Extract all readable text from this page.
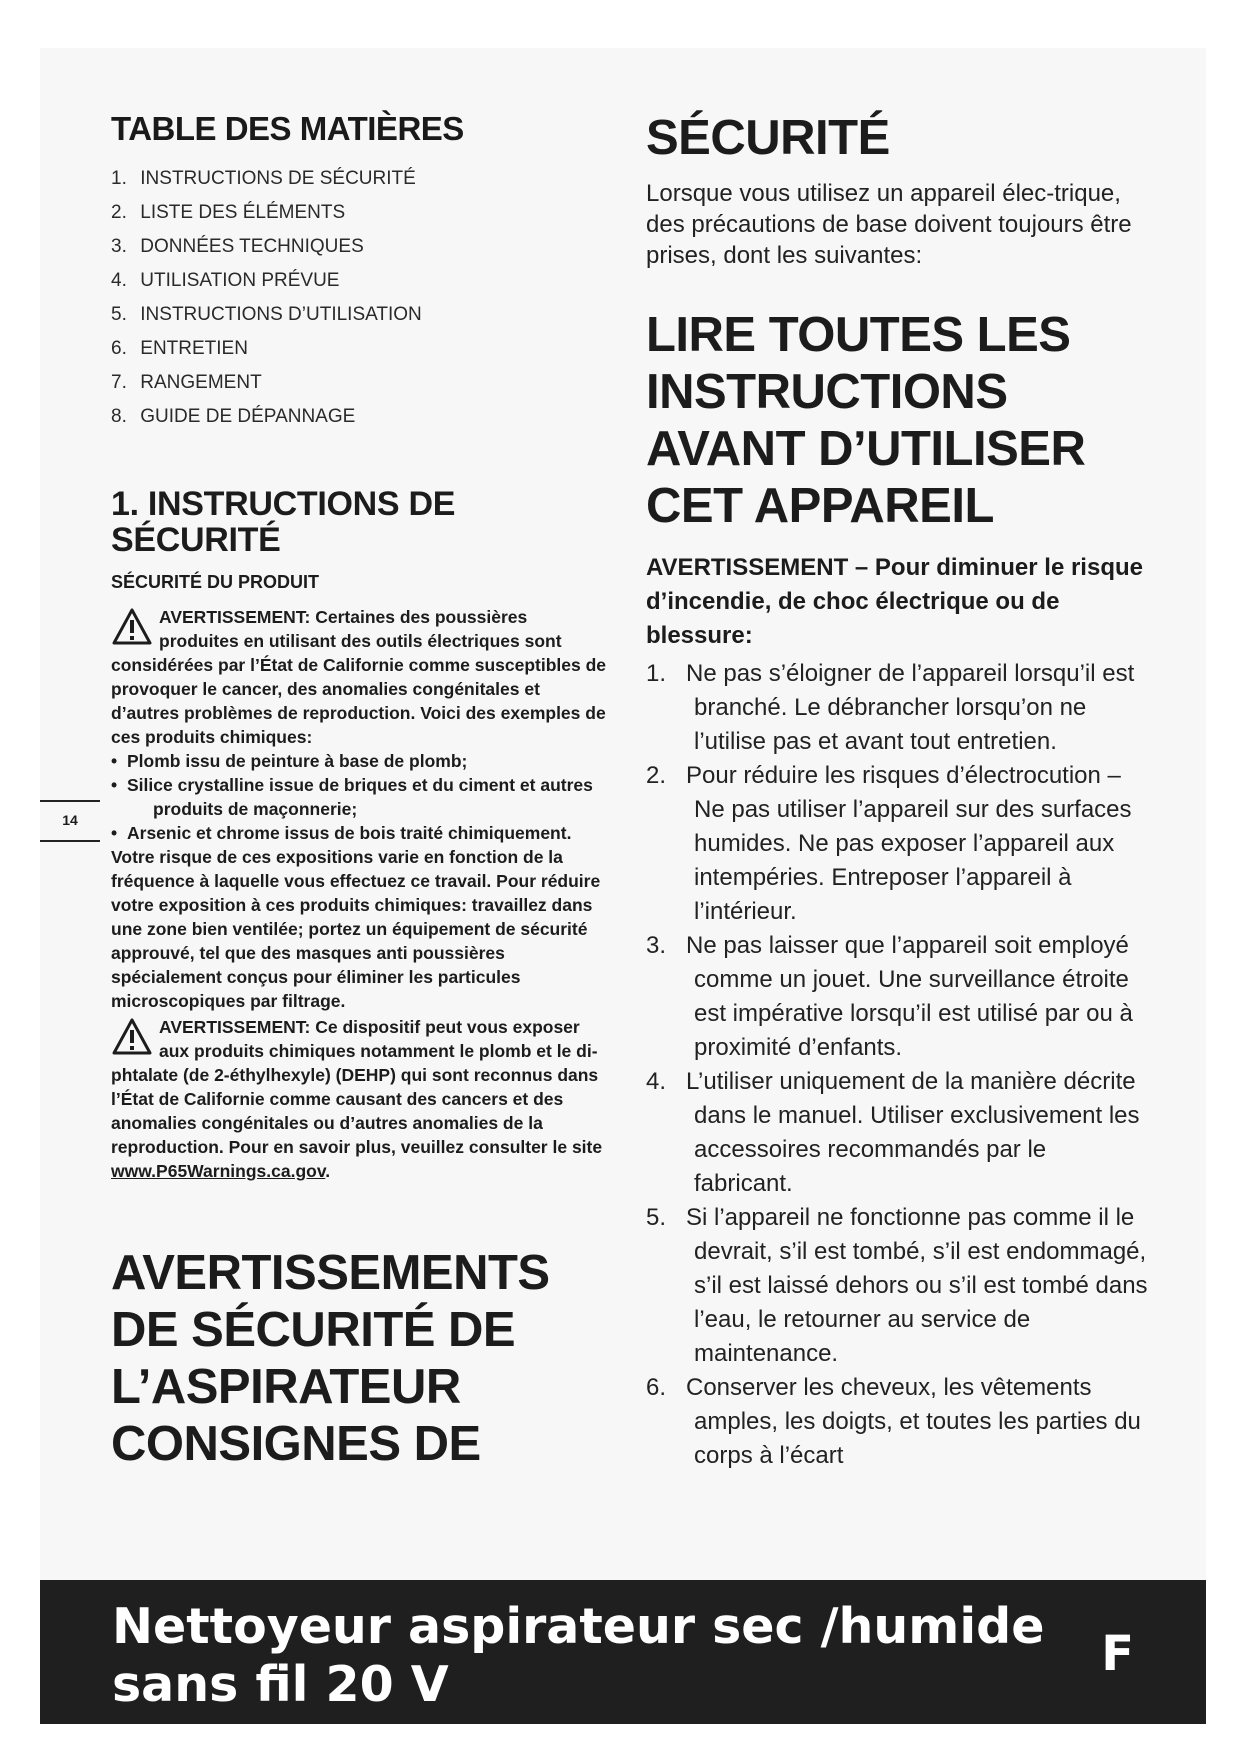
14
TABLE DES MATIÈRES
1. INSTRUCTIONS DE SÉCURITÉ
2. LISTE DES ÉLÉMENTS
3. DONNÉES TECHNIQUES
4. UTILISATION PRÉVUE
5. INSTRUCTIONS D’UTILISATION
6. ENTRETIEN
7. RANGEMENT
8. GUIDE DE DÉPANNAGE
1. INSTRUCTIONS DE SÉCURITÉ
SÉCURITÉ DU PRODUIT

AVERTISSEMENT: Certaines des poussières produites en utilisant des outils électriques sont considérées par l’État de Californie comme susceptibles de provoquer le cancer, des anomalies congénitales et d’autres problèmes de reproduction. Voici des exemples de ces produits chimiques:

• Plomb issu de peinture à base de plomb;
• Silice crystalline issue de briques et du ciment et autres produits de maçonnerie;
• Arsenic et chrome issus de bois traité chimiquement.

Votre risque de ces expositions varie en fonction de la fréquence à laquelle vous effectuez ce travail. Pour réduire votre exposition à ces produits chimiques: travaillez dans une zone bien ventilée; portez un équipement de sécurité approuvé, tel que des masques anti poussières spécialement conçus pour éliminer les particules microscopiques par filtrage.

AVERTISSEMENT: Ce dispositif peut vous exposer aux produits chimiques notamment le plomb et le di-phtalate (de 2-éthylhexyle) (DEHP) qui sont reconnus dans l’État de Californie comme causant des cancers et des anomalies congénitales ou d’autres anomalies de la reproduction. Pour en savoir plus, veuillez consulter le site www.P65Warnings.ca.gov.

AVERTISSEMENTS
DE SÉCURITÉ DE
L’ASPIRATEUR
CONSIGNES DE
SÉCURITÉ

Lorsque vous utilisez un appareil élec-trique, des précautions de base doivent toujours être prises, dont les suivantes:

LIRE TOUTES LES
INSTRUCTIONS
AVANT D’UTILISER
CET APPAREIL

AVERTISSEMENT – Pour diminuer le risque d’incendie, de choc électrique ou de blessure:

1. Ne pas s’éloigner de l’appareil lorsqu’il est branché. Le débrancher lorsqu’on ne l’utilise pas et avant tout entretien.
2. Pour réduire les risques d’électrocution – Ne pas utiliser l’appareil sur des surfaces humides. Ne pas exposer l’appareil aux intempéries. Entreposer l’appareil à l’intérieur.
3. Ne pas laisser que l’appareil soit employé comme un jouet. Une surveillance étroite est impérative lorsqu’il est utilisé par ou à proximité d’enfants.
4. L’utiliser uniquement de la manière décrite dans le manuel. Utiliser exclusivement les accessoires recommandés par le fabricant.
5. Si l’appareil ne fonctionne pas comme il le devrait, s’il est tombé, s’il est endommagé, s’il est laissé dehors ou s’il est tombé dans l’eau, le retourner au service de maintenance.
6. Conserver les cheveux, les vêtements amples, les doigts, et toutes les parties du corps à l’écart
Nettoyeur aspirateur sec /humide
sans fil 20 V
F
